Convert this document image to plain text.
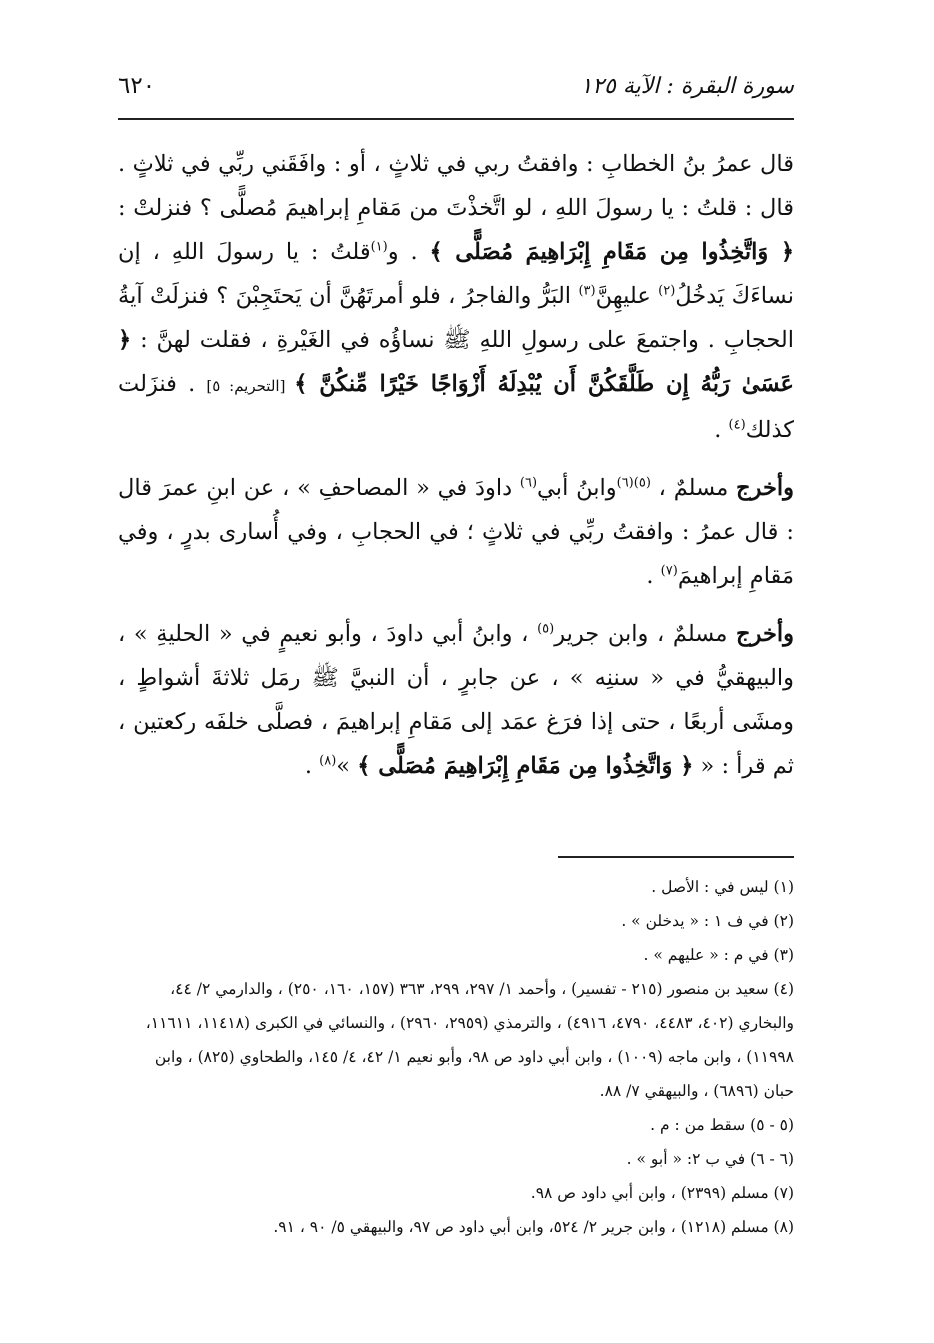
سورة البقرة : الآية ١٢٥
٦٢٠

قال عمرُ بنُ الخطابِ : وافقتُ ربي في ثلاثٍ ، أو : وافَقَني ربِّي في ثلاثٍ . قال : قلتُ : يا رسولَ اللهِ ، لو اتَّخذْتَ من مَقامِ إبراهيمَ مُصلًّى ؟ فنزلتْ : ﴿ وَاتَّخِذُوا مِن مَقَامِ إِبْرَاهِيمَ مُصَلًّى ﴾ . و$^{(١)}$قلتُ : يا رسولَ اللهِ ، إن نساءَكَ يَدخُلُ$^{(٢)}$ عليهِنَّ$^{(٣)}$ البَرُّ والفاجرُ ، فلو أمرتَهُنَّ أن يَحتَجِبْنَ ؟ فنزلَتْ آيةُ الحجابِ . واجتمعَ على رسولِ اللهِ ﷺ نساؤُه في الغَيْرةِ ، فقلت لهنَّ : ﴿ عَسَىٰ رَبُّهُ إِن طَلَّقَكُنَّ أَن يُبْدِلَهُ أَزْوَاجًا خَيْرًا مِّنكُنَّ ﴾ [التحريم: ٥] . فنزَلت كذلك$^{(٤)}$ .

وأخرج مسلمٌ ، $^{(٥)(٦)}$وابنُ أبي$^{(٦)}$ داودَ في « المصاحفِ » ، عن ابنِ عمرَ قال : قال عمرُ : وافقتُ ربِّي في ثلاثٍ ؛ في الحجابِ ، وفي أُسارى بدرٍ ، وفي مَقامِ إبراهيمَ$^{(٧)}$ .

وأخرج مسلمٌ ، وابن جرير$^{(٥)}$ ، وابنُ أبي داودَ ، وأبو نعيمٍ في « الحليةِ » ، والبيهقيُّ في « سننِه » ، عن جابرٍ ، أن النبيَّ ﷺ رمَل ثلاثةَ أشواطٍ ، ومشَى أربعًا ، حتى إذا فرَغ عمَد إلى مَقامِ إبراهيمَ ، فصلَّى خلفَه ركعتين ، ثم قرأ : « ﴿ وَاتَّخِذُوا مِن مَقَامِ إِبْرَاهِيمَ مُصَلًّى ﴾ »$^{(٨)}$ .

(١) ليس في : الأصل .
(٢) في ف ١ : « يدخلن » .
(٣) في م : « عليهم » .
(٤) سعيد بن منصور (٢١٥ - تفسير) ، وأحمد ١/ ٢٩٧، ٢٩٩، ٣٦٣ (١٥٧، ١٦٠، ٢٥٠) ، والدارمي ٢/ ٤٤، والبخاري (٤٠٢، ٤٤٨٣، ٤٧٩٠، ٤٩١٦) ، والترمذي (٢٩٥٩، ٢٩٦٠) ، والنسائي في الكبرى (١١٤١٨، ١١٦١١، ١١٩٩٨) ، وابن ماجه (١٠٠٩) ، وابن أبي داود ص ٩٨، وأبو نعيم ١/ ٤٢، ٤/ ١٤٥، والطحاوي (٨٢٥) ، وابن حبان (٦٨٩٦) ، والبيهقي ٧/ ٨٨.
(٥ - ٥) سقط من : م .
(٦ - ٦) في ب ٢: « أبو » .
(٧) مسلم (٢٣٩٩) ، وابن أبي داود ص ٩٨.
(٨) مسلم (١٢١٨) ، وابن جرير ٢/ ٥٢٤، وابن أبي داود ص ٩٧، والبيهقي ٥/ ٩٠ ، ٩١.
